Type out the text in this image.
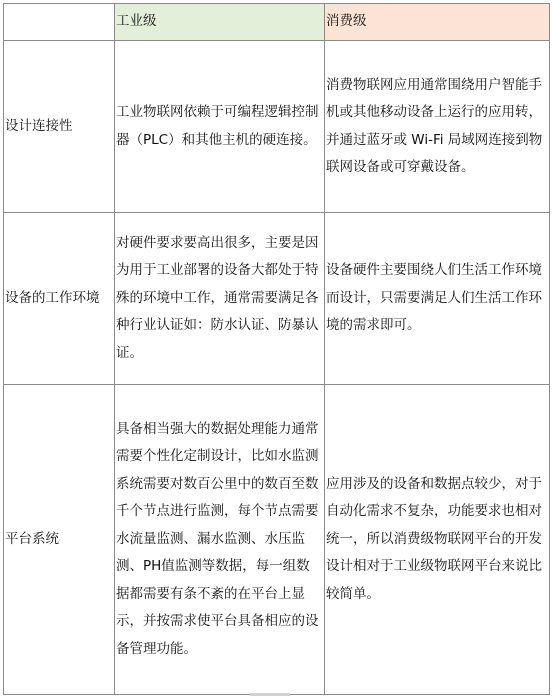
	工业级	消费级
设计连接性	工业物联网依赖于可编程逻辑控制器（PLC）和其他主机的硬连接。	消费物联网应用通常围绕用户智能手机或其他移动设备上运行的应用转，并通过蓝牙或 Wi-Fi 局域网连接到物联网设备或可穿戴设备。
设备的工作环境	对硬件要求要高出很多，主要是因为用于工业部署的设备大都处于特殊的环境中工作，通常需要满足各种行业认证如：防水认证、防暴认证。	设备硬件主要围绕人们生活工作环境而设计，只需要满足人们生活工作环境的需求即可。
平台系统	具备相当强大的数据处理能力通常需要个性化定制设计，比如水监测系统需要对数百公里中的数百至数千个节点进行监测，每个节点需要水流量监测、漏水监测、水压监测、PH值监测等数据，每一组数据都需要有条不紊的在平台上显示，并按需求使平台具备相应的设备管理功能。	应用涉及的设备和数据点较少，对于自动化需求不复杂，功能要求也相对统一，所以消费级物联网平台的开发设计相对于工业级物联网平台来说比较简单。
